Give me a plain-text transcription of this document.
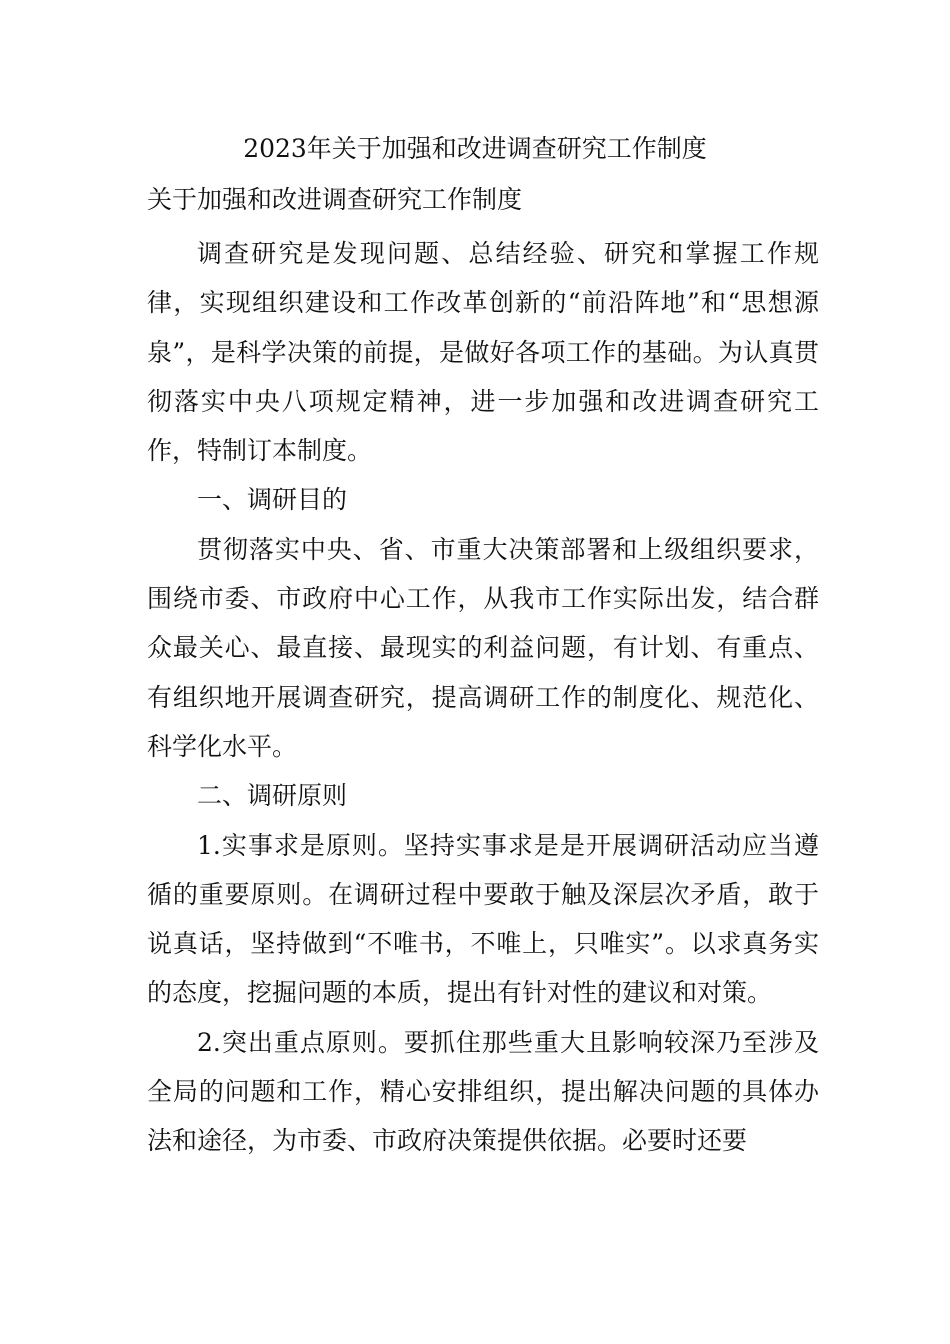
2023年关于加强和改进调查研究工作制度
关于加强和改进调查研究工作制度

调查研究是发现问题、总结经验、研究和掌握工作规律，实现组织建设和工作改革创新的“前沿阵地”和“思想源泉”，是科学决策的前提，是做好各项工作的基础。为认真贯彻落实中央八项规定精神，进一步加强和改进调查研究工作，特制订本制度。

一、调研目的

贯彻落实中央、省、市重大决策部署和上级组织要求，围绕市委、市政府中心工作，从我市工作实际出发，结合群众最关心、最直接、最现实的利益问题，有计划、有重点、有组织地开展调查研究，提高调研工作的制度化、规范化、科学化水平。

二、调研原则

1.实事求是原则。坚持实事求是是开展调研活动应当遵循的重要原则。在调研过程中要敢于触及深层次矛盾，敢于说真话，坚持做到“不唯书，不唯上，只唯实”。以求真务实的态度，挖掘问题的本质，提出有针对性的建议和对策。

2.突出重点原则。要抓住那些重大且影响较深乃至涉及全局的问题和工作，精心安排组织，提出解决问题的具体办法和途径，为市委、市政府决策提供依据。必要时还要
